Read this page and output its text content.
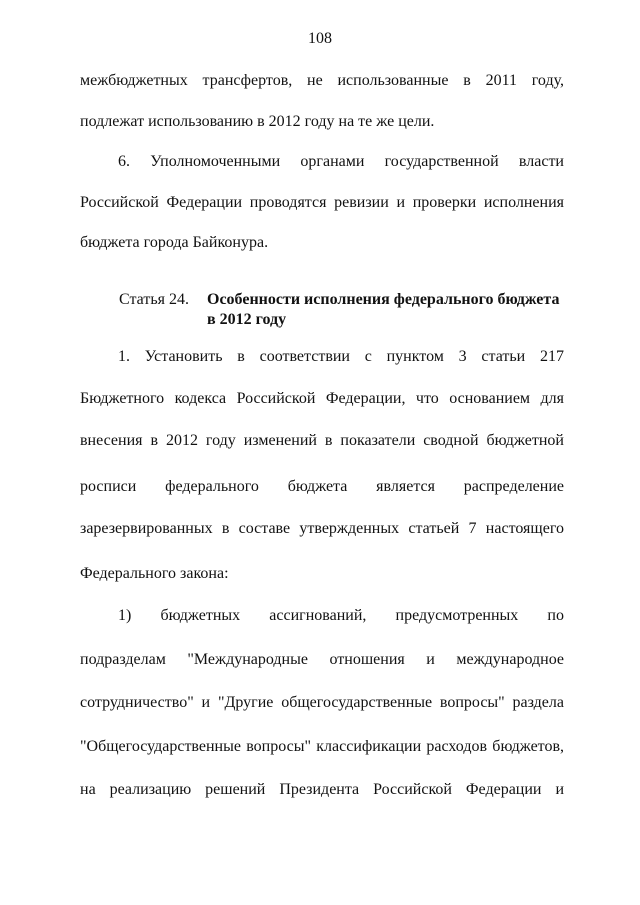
108
межбюджетных трансфертов, не использованные в 2011 году,
подлежат использованию в 2012 году на те же цели.
6. Уполномоченными органами государственной власти
Российской Федерации проводятся ревизии и проверки исполнения
бюджета города Байконура.
Статья 24. Особенности исполнения федерального бюджета
в 2012 году
1. Установить в соответствии с пунктом 3 статьи 217
Бюджетного кодекса Российской Федерации, что основанием для
внесения в 2012 году изменений в показатели сводной бюджетной
росписи федерального бюджета является распределение
зарезервированных в составе утвержденных статьей 7 настоящего
Федерального закона:
1) бюджетных ассигнований, предусмотренных по
подразделам "Международные отношения и международное
сотрудничество" и "Другие общегосударственные вопросы" раздела
"Общегосударственные вопросы" классификации расходов бюджетов,
на реализацию решений Президента Российской Федерации и
